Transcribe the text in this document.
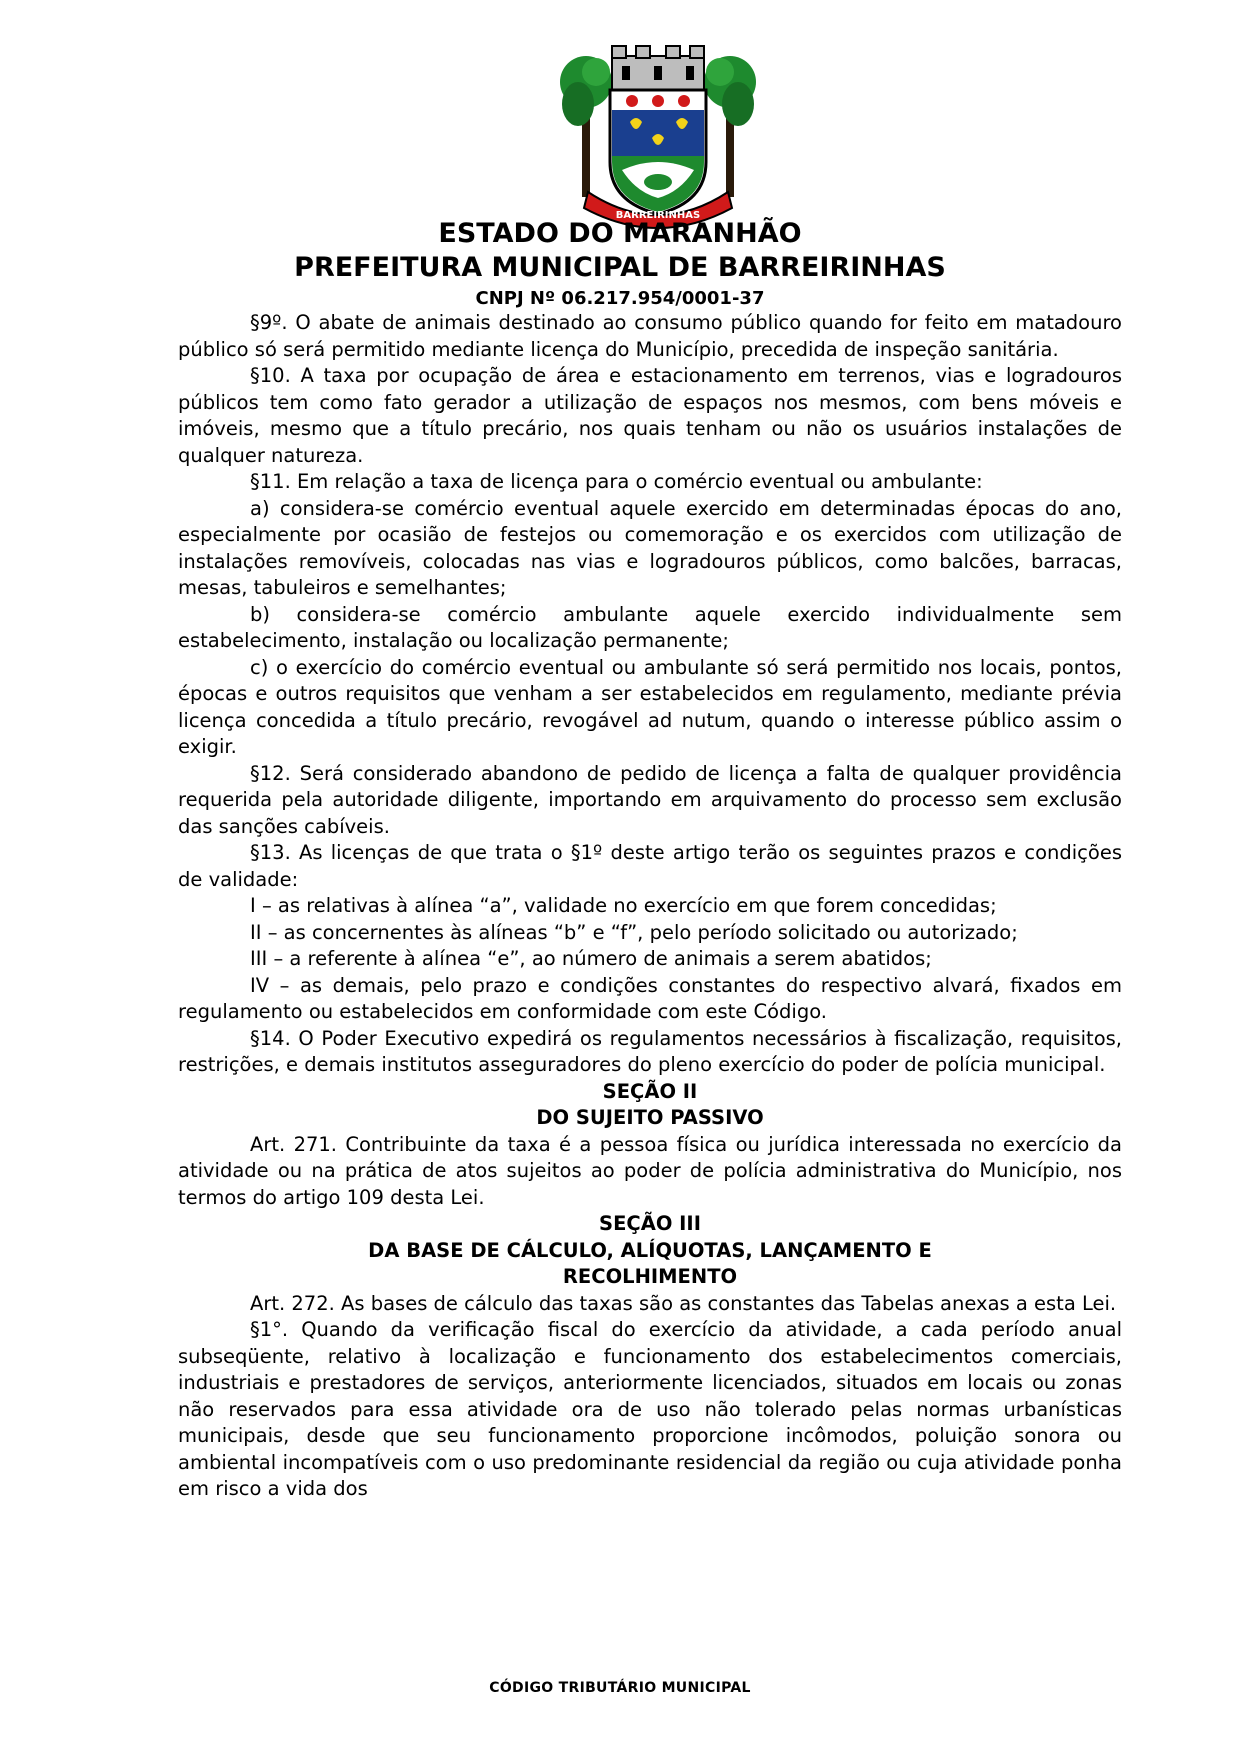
BARREIRINHAS
ESTADO DO MARANHÃO
PREFEITURA MUNICIPAL DE BARREIRINHAS
CNPJ Nº 06.217.954/0001-37

§9º. O abate de animais destinado ao consumo público quando for feito em matadouro público só será permitido mediante licença do Município, precedida de inspeção sanitária.

§10. A taxa por ocupação de área e estacionamento em terrenos, vias e logradouros públicos tem como fato gerador a utilização de espaços nos mesmos, com bens móveis e imóveis, mesmo que a título precário, nos quais tenham ou não os usuários instalações de qualquer natureza.

§11. Em relação a taxa de licença para o comércio eventual ou ambulante:

a) considera-se comércio eventual aquele exercido em determinadas épocas do ano, especialmente por ocasião de festejos ou comemoração e os exercidos com utilização de instalações removíveis, colocadas nas vias e logradouros públicos, como balcões, barracas, mesas, tabuleiros e semelhantes;

b) considera-se comércio ambulante aquele exercido individualmente sem estabelecimento, instalação ou localização permanente;

c) o exercício do comércio eventual ou ambulante só será permitido nos locais, pontos, épocas e outros requisitos que venham a ser estabelecidos em regulamento, mediante prévia licença concedida a título precário, revogável ad nutum, quando o interesse público assim o exigir.

§12. Será considerado abandono de pedido de licença a falta de qualquer providência requerida pela autoridade diligente, importando em arquivamento do processo sem exclusão das sanções cabíveis.

§13. As licenças de que trata o §1º deste artigo terão os seguintes prazos e condições de validade:

I – as relativas à alínea “a”, validade no exercício em que forem concedidas;

II – as concernentes às alíneas “b” e “f”, pelo período solicitado ou autorizado;

III – a referente à alínea “e”, ao número de animais a serem abatidos;

IV – as demais, pelo prazo e condições constantes do respectivo alvará, fixados em regulamento ou estabelecidos em conformidade com este Código.

§14. O Poder Executivo expedirá os regulamentos necessários à fiscalização, requisitos, restrições, e demais institutos asseguradores do pleno exercício do poder de polícia municipal.

SEÇÃO II

DO SUJEITO PASSIVO

Art. 271. Contribuinte da taxa é a pessoa física ou jurídica interessada no exercício da atividade ou na prática de atos sujeitos ao poder de polícia administrativa do Município, nos termos do artigo 109 desta Lei.

SEÇÃO III

DA BASE DE CÁLCULO, ALÍQUOTAS, LANÇAMENTO E

RECOLHIMENTO

Art. 272. As bases de cálculo das taxas são as constantes das Tabelas anexas a esta Lei.

§1°. Quando da verificação fiscal do exercício da atividade, a cada período anual subseqüente, relativo à localização e funcionamento dos estabelecimentos comerciais, industriais e prestadores de serviços, anteriormente licenciados, situados em locais ou zonas não reservados para essa atividade ora de uso não tolerado pelas normas urbanísticas municipais, desde que seu funcionamento proporcione incômodos, poluição sonora ou ambiental incompatíveis com o uso predominante residencial da região ou cuja atividade ponha em risco a vida dos

CÓDIGO TRIBUTÁRIO MUNICIPAL
